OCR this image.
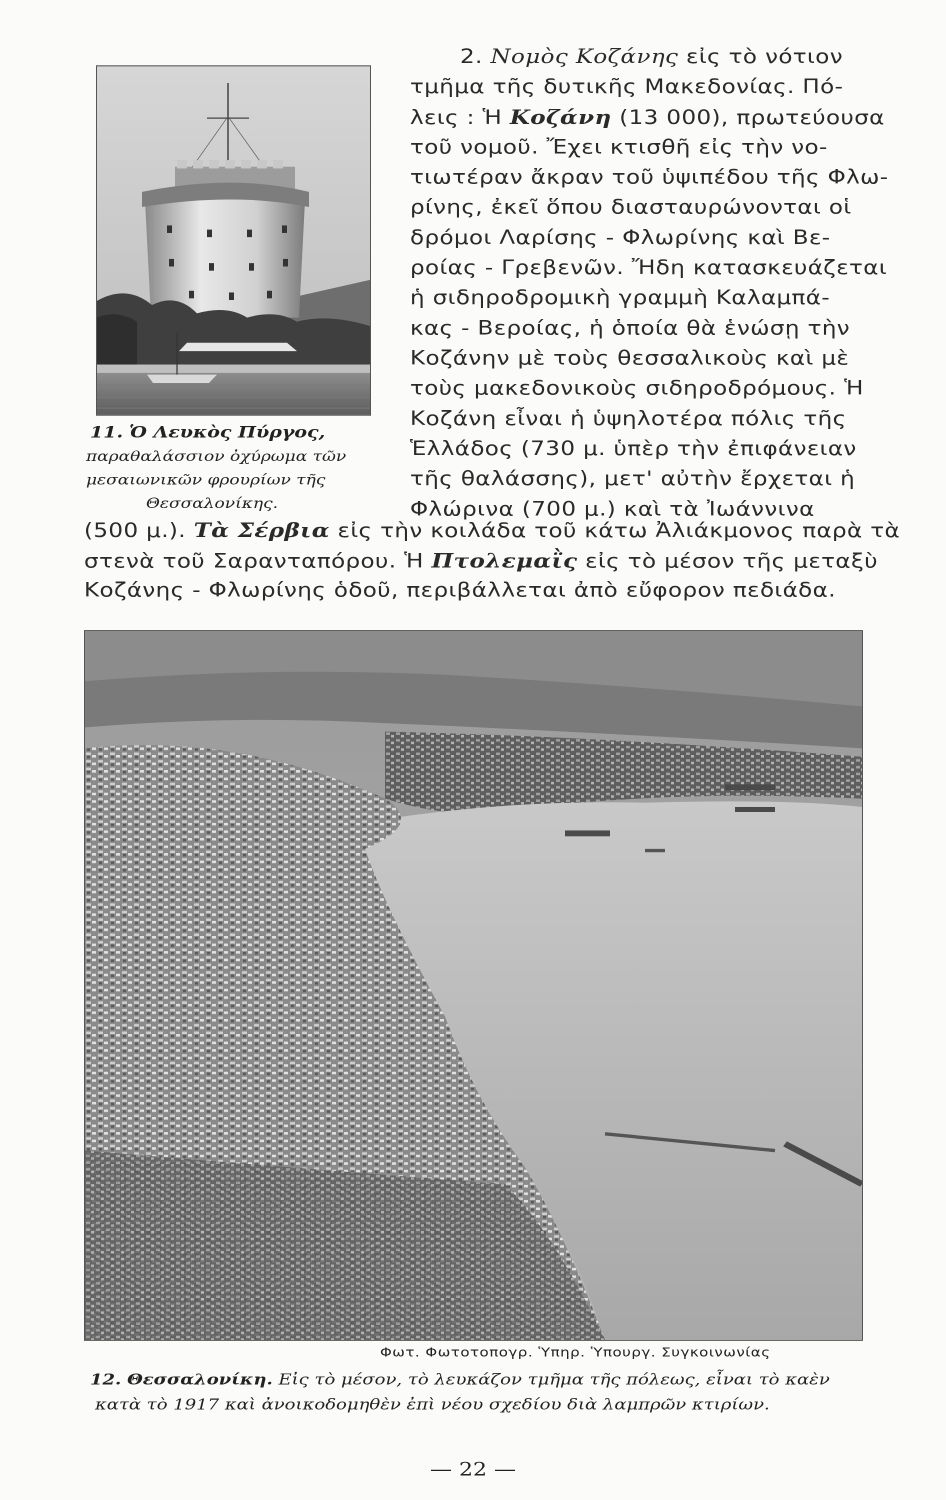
2. Νομὸς Κοζάνης εἰς τὸ νότιον
τμῆμα τῆς δυτικῆς Μακεδονίας. Πό-
λεις : Ἡ Κοζάνη (13 000), πρωτεύουσα
τοῦ νομοῦ. Ἔχει κτισθῆ εἰς τὴν νο-
τιωτέραν ἄκραν τοῦ ὑψιπέδου τῆς Φλω-
ρίνης, ἐκεῖ ὅπου διασταυρώνονται οἱ
δρόμοι Λαρίσης - Φλωρίνης καὶ Βε-
ροίας - Γρεβενῶν. Ἤδη κατασκευάζεται
ἡ σιδηροδρομικὴ γραμμὴ Καλαμπά-
κας - Βεροίας, ἡ ὁποία θὰ ἑνώσῃ τὴν
Κοζάνην μὲ τοὺς θεσσαλικοὺς καὶ μὲ
τοὺς μακεδονικοὺς σιδηροδρόμους. Ἡ
Κοζάνη εἶναι ἡ ὑψηλοτέρα πόλις τῆς
Ἑλλάδος (730 μ. ὑπὲρ τὴν ἐπιφάνειαν
τῆς θαλάσσης), μετ' αὐτὴν ἔρχεται ἡ
Φλώρινα (700 μ.) καὶ τὰ Ἰωάννινα
11. Ὁ Λευκὸς Πύργος,
παραθαλάσσιον ὀχύρωμα τῶν
μεσαιωνικῶν φρουρίων τῆς
Θεσσαλονίκης.
(500 μ.). Τὰ Σέρβια εἰς τὴν κοιλάδα τοῦ κάτω Ἀλιάκμονος παρὰ τὰ
στενὰ τοῦ Σαρανταπόρου. Ἡ Πτολεμαῒς εἰς τὸ μέσον τῆς μεταξὺ
Κοζάνης - Φλωρίνης ὁδοῦ, περιβάλλεται ἀπὸ εὔφορον πεδιάδα.
Φωτ. Φωτοτοπογρ. Ὑπηρ. Ὑπουργ. Συγκοινωνίας
12. Θεσσαλονίκη. Εἰς τὸ μέσον, τὸ λευκάζον τμῆμα τῆς πόλεως, εἶναι τὸ καὲν
κατὰ τὸ 1917 καὶ ἀνοικοδομηθὲν ἐπὶ νέου σχεδίου διὰ λαμπρῶν κτιρίων.
— 22 —
